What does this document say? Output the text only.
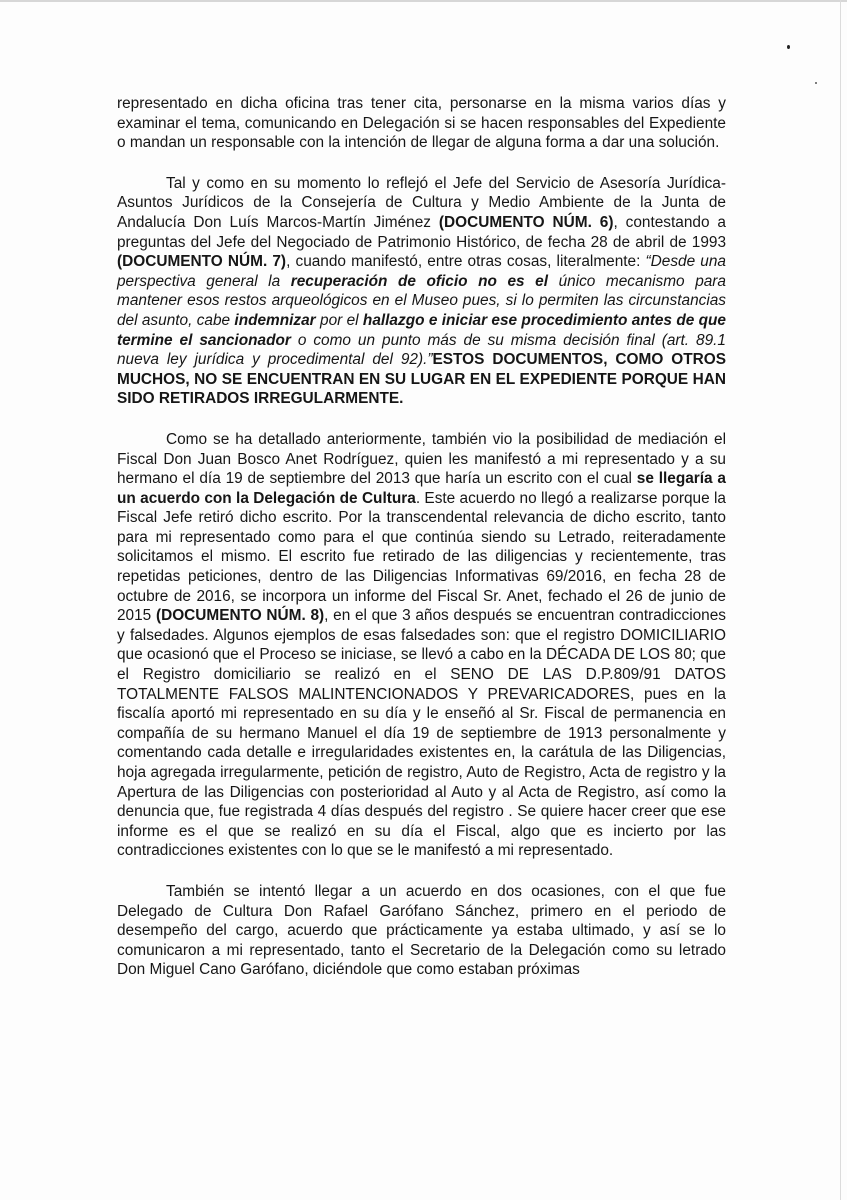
representado en dicha oficina tras tener cita, personarse en la misma varios días y examinar el tema, comunicando en Delegación si se hacen responsables del Expediente o mandan un responsable con la intención de llegar de alguna forma a dar una solución.

Tal y como en su momento lo reflejó el Jefe del Servicio de Asesoría Jurídica-Asuntos Jurídicos de la Consejería de Cultura y Medio Ambiente de la Junta de Andalucía Don Luís Marcos-Martín Jiménez (DOCUMENTO NÚM. 6), contestando a preguntas del Jefe del Negociado de Patrimonio Histórico, de fecha 28 de abril de 1993 (DOCUMENTO NÚM. 7), cuando manifestó, entre otras cosas, literalmente: “Desde una perspectiva general la recuperación de oficio no es el único mecanismo para mantener esos restos arqueológicos en el Museo pues, si lo permiten las circunstancias del asunto, cabe indemnizar por el hallazgo e iniciar ese procedimiento antes de que termine el sancionador o como un punto más de su misma decisión final (art. 89.1 nueva ley jurídica y procedimental del 92).”ESTOS DOCUMENTOS, COMO OTROS MUCHOS, NO SE ENCUENTRAN EN SU LUGAR EN EL EXPEDIENTE PORQUE HAN SIDO RETIRADOS IRREGULARMENTE.

Como se ha detallado anteriormente, también vio la posibilidad de mediación el Fiscal Don Juan Bosco Anet Rodríguez, quien les manifestó a mi representado y a su hermano el día 19 de septiembre del 2013 que haría un escrito con el cual se llegaría a un acuerdo con la Delegación de Cultura. Este acuerdo no llegó a realizarse porque la Fiscal Jefe retiró dicho escrito. Por la transcendental relevancia de dicho escrito, tanto para mi representado como para el que continúa siendo su Letrado, reiteradamente solicitamos el mismo. El escrito fue retirado de las diligencias y recientemente, tras repetidas peticiones, dentro de las Diligencias Informativas 69/2016, en fecha 28 de octubre de 2016, se incorpora un informe del Fiscal Sr. Anet, fechado el 26 de junio de 2015 (DOCUMENTO NÚM. 8), en el que 3 años después se encuentran contradicciones y falsedades. Algunos ejemplos de esas falsedades son: que el registro DOMICILIARIO que ocasionó que el Proceso se iniciase, se llevó a cabo en la DÉCADA DE LOS 80; que el Registro domiciliario se realizó en el SENO DE LAS D.P.809/91 DATOS TOTALMENTE FALSOS MALINTENCIONADOS Y PREVARICADORES, pues en la fiscalía aportó mi representado en su día y le enseñó al Sr. Fiscal de permanencia en compañía de su hermano Manuel el día 19 de septiembre de 1913 personalmente y comentando cada detalle e irregularidades existentes en, la carátula de las Diligencias, hoja agregada irregularmente, petición de registro, Auto de Registro, Acta de registro y la Apertura de las Diligencias con posterioridad al Auto y al Acta de Registro, así como la denuncia que, fue registrada 4 días después del registro . Se quiere hacer creer que ese informe es el que se realizó en su día el Fiscal, algo que es incierto por las contradicciones existentes con lo que se le manifestó a mi representado.

También se intentó llegar a un acuerdo en dos ocasiones, con el que fue Delegado de Cultura Don Rafael Garófano Sánchez, primero en el periodo de desempeño del cargo, acuerdo que prácticamente ya estaba ultimado, y así se lo comunicaron a mi representado, tanto el Secretario de la Delegación como su letrado Don Miguel Cano Garófano, diciéndole que como estaban próximas
